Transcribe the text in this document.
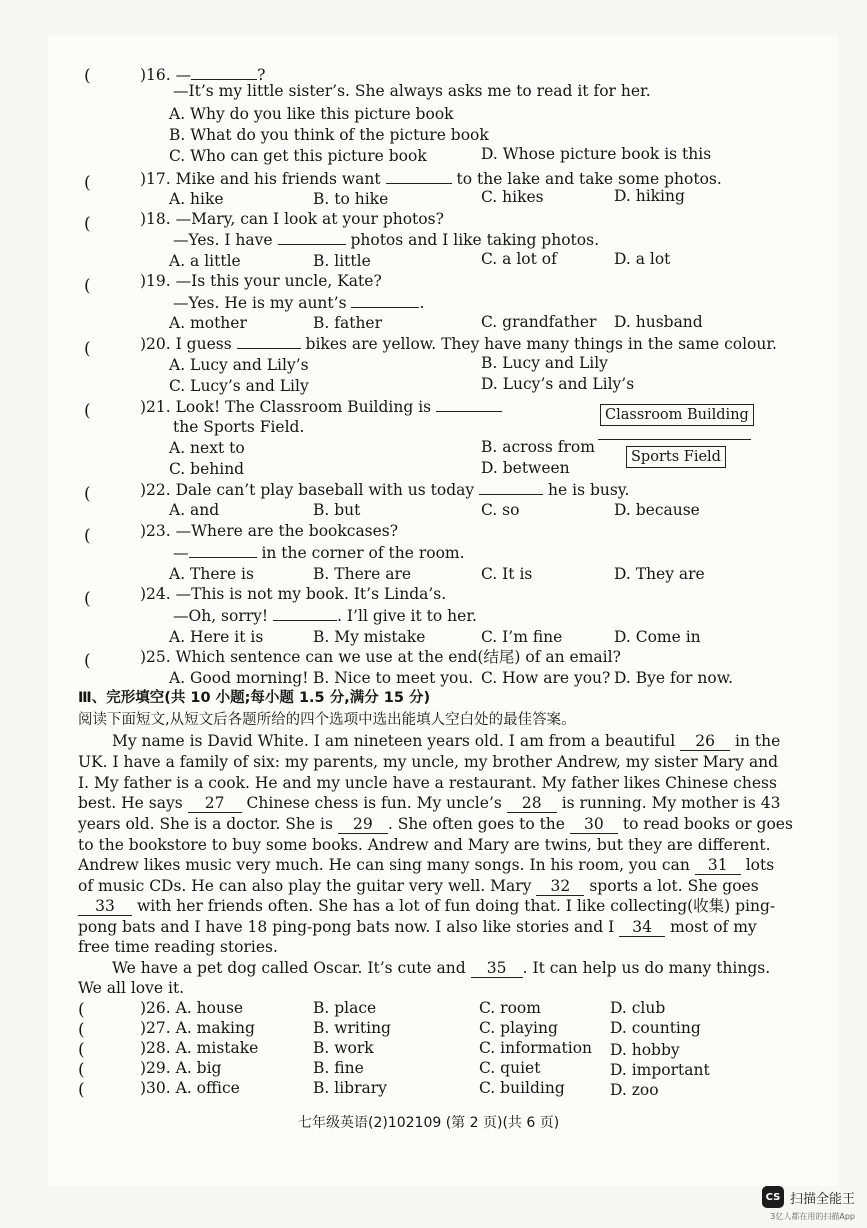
(	)16. —	?
—It’s my little sister’s. She always asks me to read it for her.
A. Why do you like this picture book
B. What do you think of the picture book
C. Who can get this picture book	D. Whose picture book is this
(	)17. Mike and his friends want	to the lake and take some photos.
A. hike	B. to hike	C. hikes	D. hiking
(	)18. —Mary, can I look at your photos?
—Yes. I have	photos and I like taking photos.
A. a little	B. little	C. a lot of	D. a lot
(	)19. —Is this your uncle, Kate?
—Yes. He is my aunt’s	.
A. mother	B. father	C. grandfather D. husband
(	)20. I guess	bikes are yellow. They have many things in the same colour.
A. Lucy and Lily’s	B. Lucy and Lily
C. Lucy’s and Lily	D. Lucy’s and Lily’s
(	)21. Look! The Classroom Building is
the Sports Field.
A. next to	B. across from
C. behind	D. between
Classroom Building
Sports Field
(	)22. Dale can’t play baseball with us today	he is busy.
A. and	B. but	C. so	D. because
(	)23. —Where are the bookcases?
—	in the corner of the room.
A. There is	B. There are	C. It is	D. They are
(	)24. —This is not my book. It’s Linda’s.
—Oh, sorry!	. I’ll give it to her.
A. Here it is	B. My mistake	C. I’m fine	D. Come in
(	)25. Which sentence can we use at the end(结尾) of an email?
A. Good morning! B. Nice to meet you. C. How are you? D. Bye for now.
Ⅲ、完形填空(共 10 小题;每小题 1.5 分,满分 15 分)
阅读下面短文,从短文后各题所给的四个选项中选出能填人空白处的最佳答案。
My name is David White. I am nineteen years old. I am from a beautiful 26 in the
UK. I have a family of six: my parents, my uncle, my brother Andrew, my sister Mary and
I. My father is a cook. He and my uncle have a restaurant. My father likes Chinese chess
best. He says 27 Chinese chess is fun. My uncle’s 28 is running. My mother is 43
years old. She is a doctor. She is 29 . She often goes to the 30 to read books or goes
to the bookstore to buy some books. Andrew and Mary are twins, but they are different.
Andrew likes music very much. He can sing many songs. In his room, you can 31 lots
of music CDs. He can also play the guitar very well. Mary 32 sports a lot. She goes
33 with her friends often. She has a lot of fun doing that. I like collecting(收集) ping-
pong bats and I have 18 ping-pong bats now. I also like stories and I 34 most of my
free time reading stories.
We have a pet dog called Oscar. It’s cute and 35 . It can help us do many things.
We all love it.
(	)26. A. house	B. place	C. room	D. club
(	)27. A. making	B. writing	C. playing	D. counting
(	)28. A. mistake	B. work	C. information D. hobby
(	)29. A. big	B. fine	C. quiet	D. important
(	)30. A. office	B. library	C. building	D. zoo
七年级英语(2)102109 (第 2 页)(共 6 页)
CS 扫描全能王
3亿人都在用的扫描App
